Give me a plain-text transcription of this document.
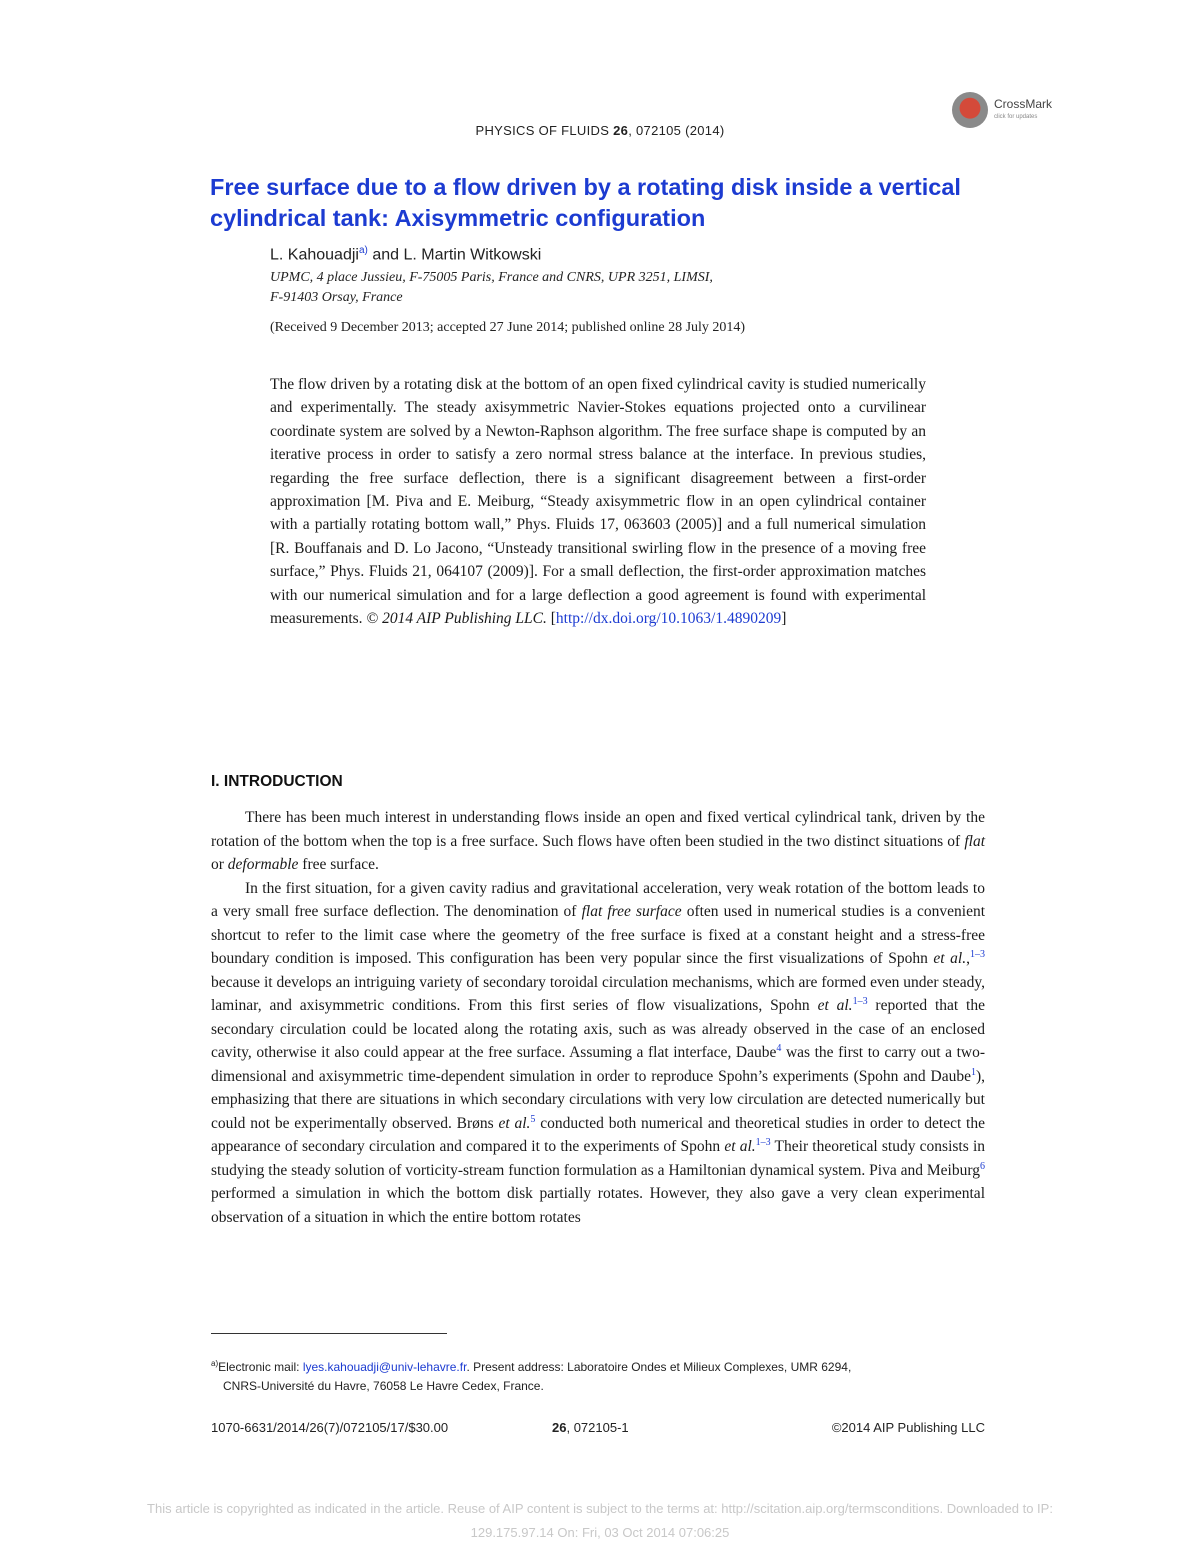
CrossMark
click for updates
PHYSICS OF FLUIDS 26, 072105 (2014)
Free surface due to a flow driven by a rotating disk inside a vertical cylindrical tank: Axisymmetric configuration
L. Kahouadji$^{a)}$ and L. Martin Witkowski
UPMC, 4 place Jussieu, F-75005 Paris, France and CNRS, UPR 3251, LIMSI,
F-91403 Orsay, France
(Received 9 December 2013; accepted 27 June 2014; published online 28 July 2014)
The flow driven by a rotating disk at the bottom of an open fixed cylindrical cavity is studied numerically and experimentally. The steady axisymmetric Navier-Stokes equations projected onto a curvilinear coordinate system are solved by a Newton-Raphson algorithm. The free surface shape is computed by an iterative process in order to satisfy a zero normal stress balance at the interface. In previous studies, regarding the free surface deflection, there is a significant disagreement between a first-order approximation [M. Piva and E. Meiburg, “Steady axisymmetric flow in an open cylindrical container with a partially rotating bottom wall,” Phys. Fluids 17, 063603 (2005)] and a full numerical simulation [R. Bouffanais and D. Lo Jacono, “Unsteady transitional swirling flow in the presence of a moving free surface,” Phys. Fluids 21, 064107 (2009)]. For a small deflection, the first-order approximation matches with our numerical simulation and for a large deflection a good agreement is found with experimental measurements. © 2014 AIP Publishing LLC. [http://dx.doi.org/10.1063/1.4890209]
I. INTRODUCTION

There has been much interest in understanding flows inside an open and fixed vertical cylindrical tank, driven by the rotation of the bottom when the top is a free surface. Such flows have often been studied in the two distinct situations of flat or deformable free surface.

In the first situation, for a given cavity radius and gravitational acceleration, very weak rotation of the bottom leads to a very small free surface deflection. The denomination of flat free surface often used in numerical studies is a convenient shortcut to refer to the limit case where the geometry of the free surface is fixed at a constant height and a stress-free boundary condition is imposed. This configuration has been very popular since the first visualizations of Spohn et al.,$^{1-3}$ because it develops an intriguing variety of secondary toroidal circulation mechanisms, which are formed even under steady, laminar, and axisymmetric conditions. From this first series of flow visualizations, Spohn et al.$^{1-3}$ reported that the secondary circulation could be located along the rotating axis, such as was already observed in the case of an enclosed cavity, otherwise it also could appear at the free surface. Assuming a flat interface, Daube$^4$ was the first to carry out a two-dimensional and axisymmetric time-dependent simulation in order to reproduce Spohn’s experiments (Spohn and Daube$^1$), emphasizing that there are situations in which secondary circulations with very low circulation are detected numerically but could not be experimentally observed. Brøns et al.$^5$ conducted both numerical and theoretical studies in order to detect the appearance of secondary circulation and compared it to the experiments of Spohn et al.$^{1-3}$ Their theoretical study consists in studying the steady solution of vorticity-stream function formulation as a Hamiltonian dynamical system. Piva and Meiburg$^6$ performed a simulation in which the bottom disk partially rotates. However, they also gave a very clean experimental observation of a situation in which the entire bottom rotates

$^{a)}$Electronic mail: lyes.kahouadji@univ-lehavre.fr. Present address: Laboratoire Ondes et Milieux Complexes, UMR 6294,
CNRS-Université du Havre, 76058 Le Havre Cedex, France.
1070-6631/2014/26(7)/072105/17/$30.00	26, 072105-1	©2014 AIP Publishing LLC
This article is copyrighted as indicated in the article. Reuse of AIP content is subject to the terms at: http://scitation.aip.org/termsconditions. Downloaded to IP:
129.175.97.14 On: Fri, 03 Oct 2014 07:06:25
